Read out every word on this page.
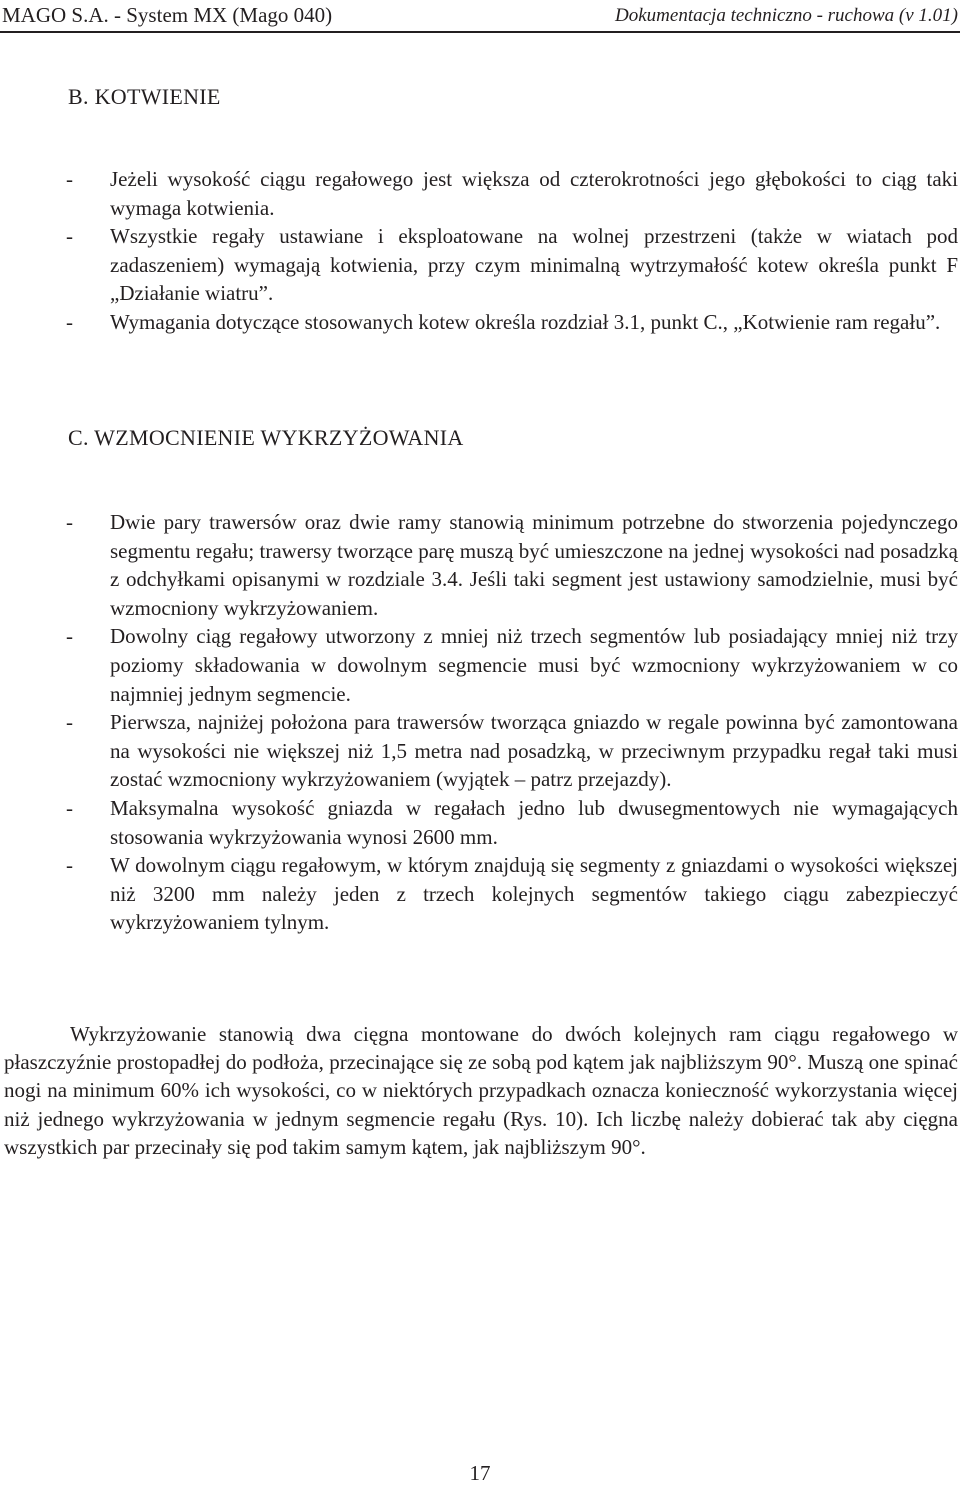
MAGO S.A. - System MX (Mago 040)	Dokumentacja techniczno - ruchowa (v 1.01)
B. KOTWIENIE
- Jeżeli wysokość ciągu regałowego jest większa od czterokrotności jego głębokości to ciąg taki wymaga kotwienia.
- Wszystkie regały ustawiane i eksploatowane na wolnej przestrzeni (także w wiatach pod zadaszeniem) wymagają kotwienia, przy czym minimalną wytrzymałość kotew określa punkt F „Działanie wiatru”.
- Wymagania dotyczące stosowanych kotew określa rozdział 3.1, punkt C., „Kotwienie ram regału”.
C. WZMOCNIENIE WYKRZYŻOWANIA
- Dwie pary trawersów oraz dwie ramy stanowią minimum potrzebne do stworzenia pojedynczego segmentu regału; trawersy tworzące parę muszą być umieszczone na jednej wysokości nad posadzką z odchyłkami opisanymi w rozdziale 3.4. Jeśli taki segment jest ustawiony samodzielnie, musi być wzmocniony wykrzyżowaniem.
- Dowolny ciąg regałowy utworzony z mniej niż trzech segmentów lub posiadający mniej niż trzy poziomy składowania w dowolnym segmencie musi być wzmocniony wykrzyżowaniem w co najmniej jednym segmencie.
- Pierwsza, najniżej położona para trawersów tworząca gniazdo w regale powinna być zamontowana na wysokości nie większej niż 1,5 metra nad posadzką, w przeciwnym przypadku regał taki musi zostać wzmocniony wykrzyżowaniem (wyjątek – patrz przejazdy).
- Maksymalna wysokość gniazda w regałach jedno lub dwusegmentowych nie wymagających stosowania wykrzyżowania wynosi 2600 mm.
- W dowolnym ciągu regałowym, w którym znajdują się segmenty z gniazdami o wysokości większej niż 3200 mm należy jeden z trzech kolejnych segmentów takiego ciągu zabezpieczyć wykrzyżowaniem tylnym.

Wykrzyżowanie stanowią dwa cięgna montowane do dwóch kolejnych ram ciągu regałowego w płaszczyźnie prostopadłej do podłoża, przecinające się ze sobą pod kątem jak najbliższym 90°. Muszą one spinać nogi na minimum 60% ich wysokości, co w niektórych przypadkach oznacza konieczność wykorzystania więcej niż jednego wykrzyżowania w jednym segmencie regału (Rys. 10). Ich liczbę należy dobierać tak aby cięgna wszystkich par przecinały się pod takim samym kątem, jak najbliższym 90°.

17
